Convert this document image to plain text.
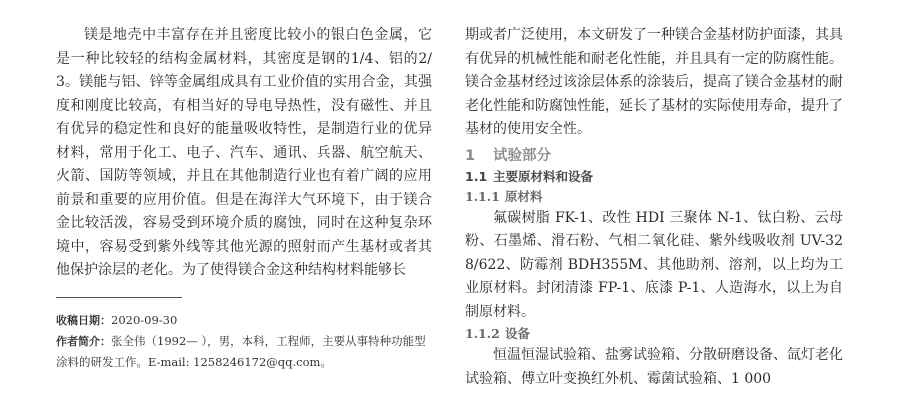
镁是地壳中丰富存在并且密度比较小的银白色金属，它是一种比较轻的结构金属材料，其密度是钢的1/4、铝的2/3。镁能与铝、锌等金属组成具有工业价值的实用合金，其强度和刚度比较高，有相当好的导电导热性，没有磁性、并且有优异的稳定性和良好的能量吸收特性，是制造行业的优异材料，常用于化工、电子、汽车、通讯、兵器、航空航天、火箭、国防等领域，并且在其他制造行业也有着广阔的应用前景和重要的应用价值。但是在海洋大气环境下，由于镁合金比较活泼，容易受到环境介质的腐蚀，同时在这种复杂环境中，容易受到紫外线等其他光源的照射而产生基材或者其他保护涂层的老化。为了使得镁合金这种结构材料能够长

收稿日期：2020-09-30

作者简介：张全伟（1992— ），男，本科，工程师，主要从事特种功能型涂料的研发工作。E-mail: 1258246172@qq.com。

期或者广泛使用，本文研发了一种镁合金基材防护面漆，其具有优异的机械性能和耐老化性能，并且具有一定的防腐性能。镁合金基材经过该涂层体系的涂装后，提高了镁合金基材的耐老化性能和防腐蚀性能，延长了基材的实际使用寿命，提升了基材的使用安全性。

1 试验部分
1.1 主要原材料和设备
1.1.1 原材料

氟碳树脂 FK-1、改性 HDI 三聚体 N-1、钛白粉、云母粉、石墨烯、滑石粉、气相二氧化硅、紫外线吸收剂 UV-328/622、防霉剂 BDH355M、其他助剂、溶剂，以上均为工业原材料。封闭清漆 FP-1、底漆 P-1、人造海水，以上为自制原材料。

1.1.2 设备

恒温恒湿试验箱、盐雾试验箱、分散研磨设备、氙灯老化试验箱、傅立叶变换红外机、霉菌试验箱、1 000
